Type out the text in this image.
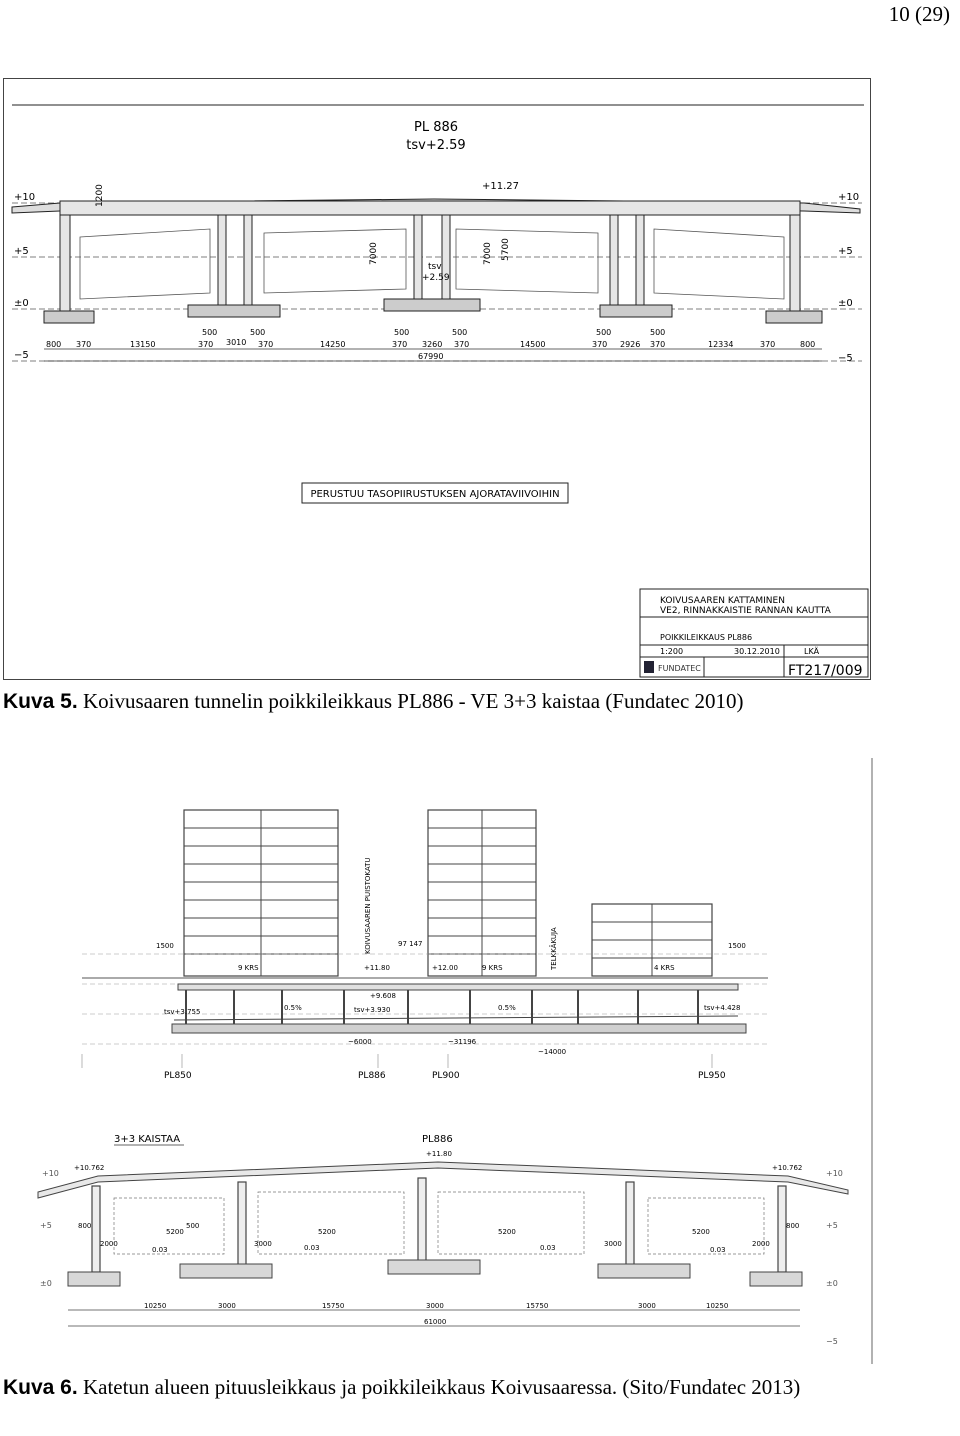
10 (29)
PL 886
tsv+2.59
+10
+5
±0
−5
+10
+5
±0
−5
+11.27
1200
7000	7000 5700
tsv
+2.59
500	500	500	500	500	500
800 370	13150	370 3010 370	14250	370 3260 370	14500	370 2926 370	12334	370	800
67990
PERUSTUU TASOPIIRUSTUKSEN AJORATAVIIVOIHIN
KOIVUSAAREN KATTAMINEN
VE2, RINNAKKAISTIE RANNAN KAUTTA
POIKKILEIKKAUS PL886
1:200	30.12.2010	LKÄ
FUNDATEC	FT217/009
Kuva 5. Koivusaaren tunnelin poikkileikkaus PL886 - VE 3+3 kaistaa (Fundatec 2010)
KOIVUSAAREN PUISTOKATU	TELKKÄKUJA
1500	1500
97 147
9 KRS	9 KRS	4 KRS
+11.80	+12.00
+9.608
tsv+3.755	tsv+3.930	tsv+4.428
0.5%	0.5%
~6000	~31196
~14000
PL850	PL886	PL900	PL950
3+3 KAISTAA	PL886
+11.80
+10.762	+10.762
+10
+5
±0
+10
+5
±0
−5
5200	5200	5200	5200
0.03	0.03	0.03	0.03
3000	3000
2000	2000
500
800	800
10250	3000	15750	3000	15750	3000	10250
61000
Kuva 6. Katetun alueen pituusleikkaus ja poikkileikkaus Koivusaaressa. (Sito/Fundatec 2013)
